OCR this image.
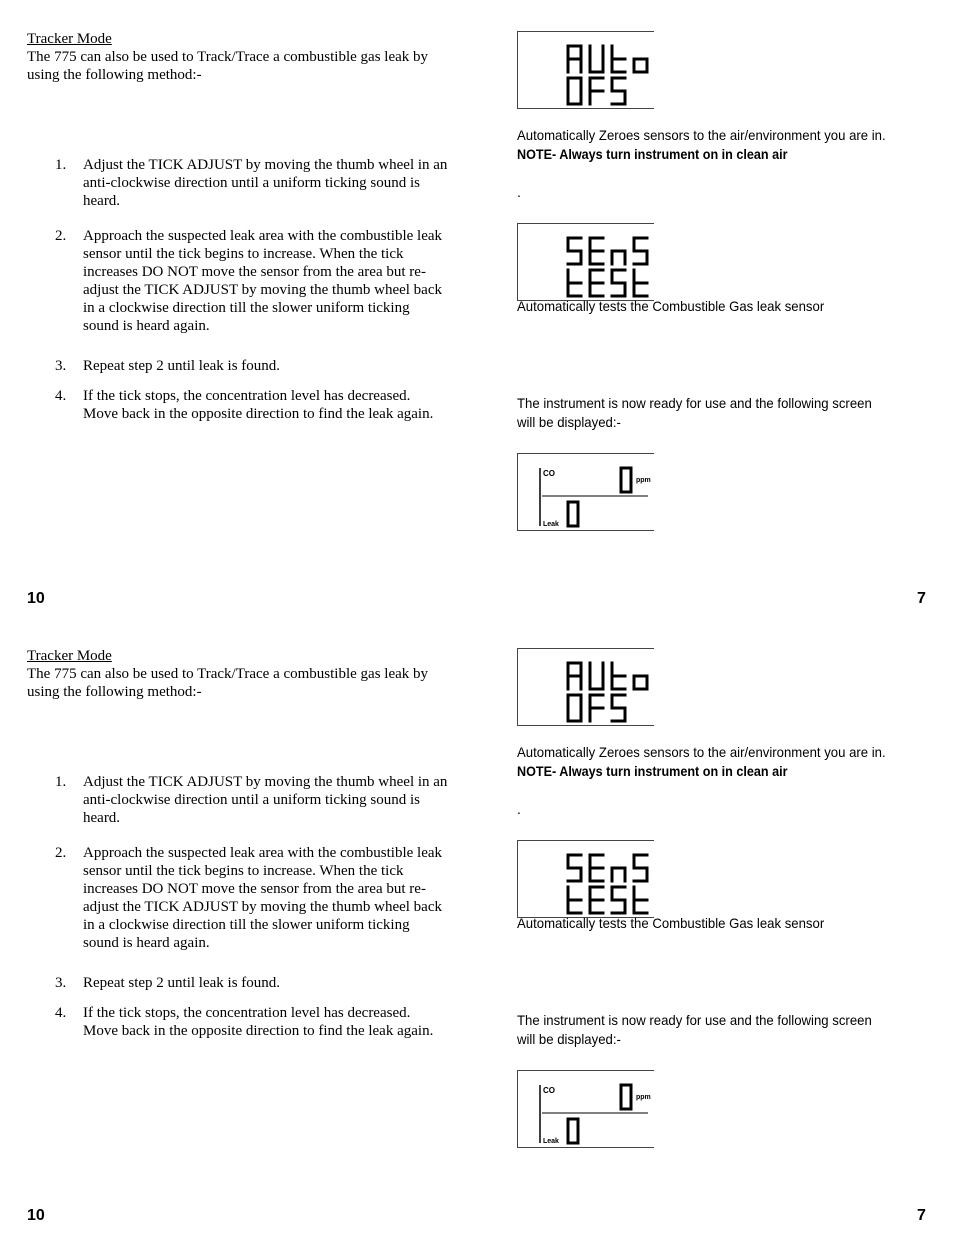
Tracker Mode
The 775 can also be used to Track/Trace a combustible gas leak by using the following method:-
1. Adjust the TICK ADJUST by moving the thumb wheel in an anti-clockwise direction until a uniform ticking sound is heard.
2. Approach the suspected leak area with the combustible leak sensor until the tick begins to increase. When the tick increases DO NOT move the sensor from the area but re-adjust the TICK ADJUST by moving the thumb wheel back in a clockwise direction till the slower uniform ticking sound is heard again.
3. Repeat step 2 until leak is found.
4. If the tick stops, the concentration level has decreased. Move back in the opposite direction to find the leak again.
CO
ppm
Leak
Automatically Zeroes sensors to the air/environment you are in.
NOTE- Always turn instrument on in clean air
.
Automatically tests the Combustible Gas leak sensor
The instrument is now ready for use and the following screen
will be displayed:-
10	7
Tracker Mode
The 775 can also be used to Track/Trace a combustible gas leak by using the following method:-
1. Adjust the TICK ADJUST by moving the thumb wheel in an anti-clockwise direction until a uniform ticking sound is heard.
2. Approach the suspected leak area with the combustible leak sensor until the tick begins to increase. When the tick increases DO NOT move the sensor from the area but re-adjust the TICK ADJUST by moving the thumb wheel back in a clockwise direction till the slower uniform ticking sound is heard again.
3. Repeat step 2 until leak is found.
4. If the tick stops, the concentration level has decreased. Move back in the opposite direction to find the leak again.
CO
ppm
Leak
Automatically Zeroes sensors to the air/environment you are in.
NOTE- Always turn instrument on in clean air
.
Automatically tests the Combustible Gas leak sensor
The instrument is now ready for use and the following screen
will be displayed:-
10	7
